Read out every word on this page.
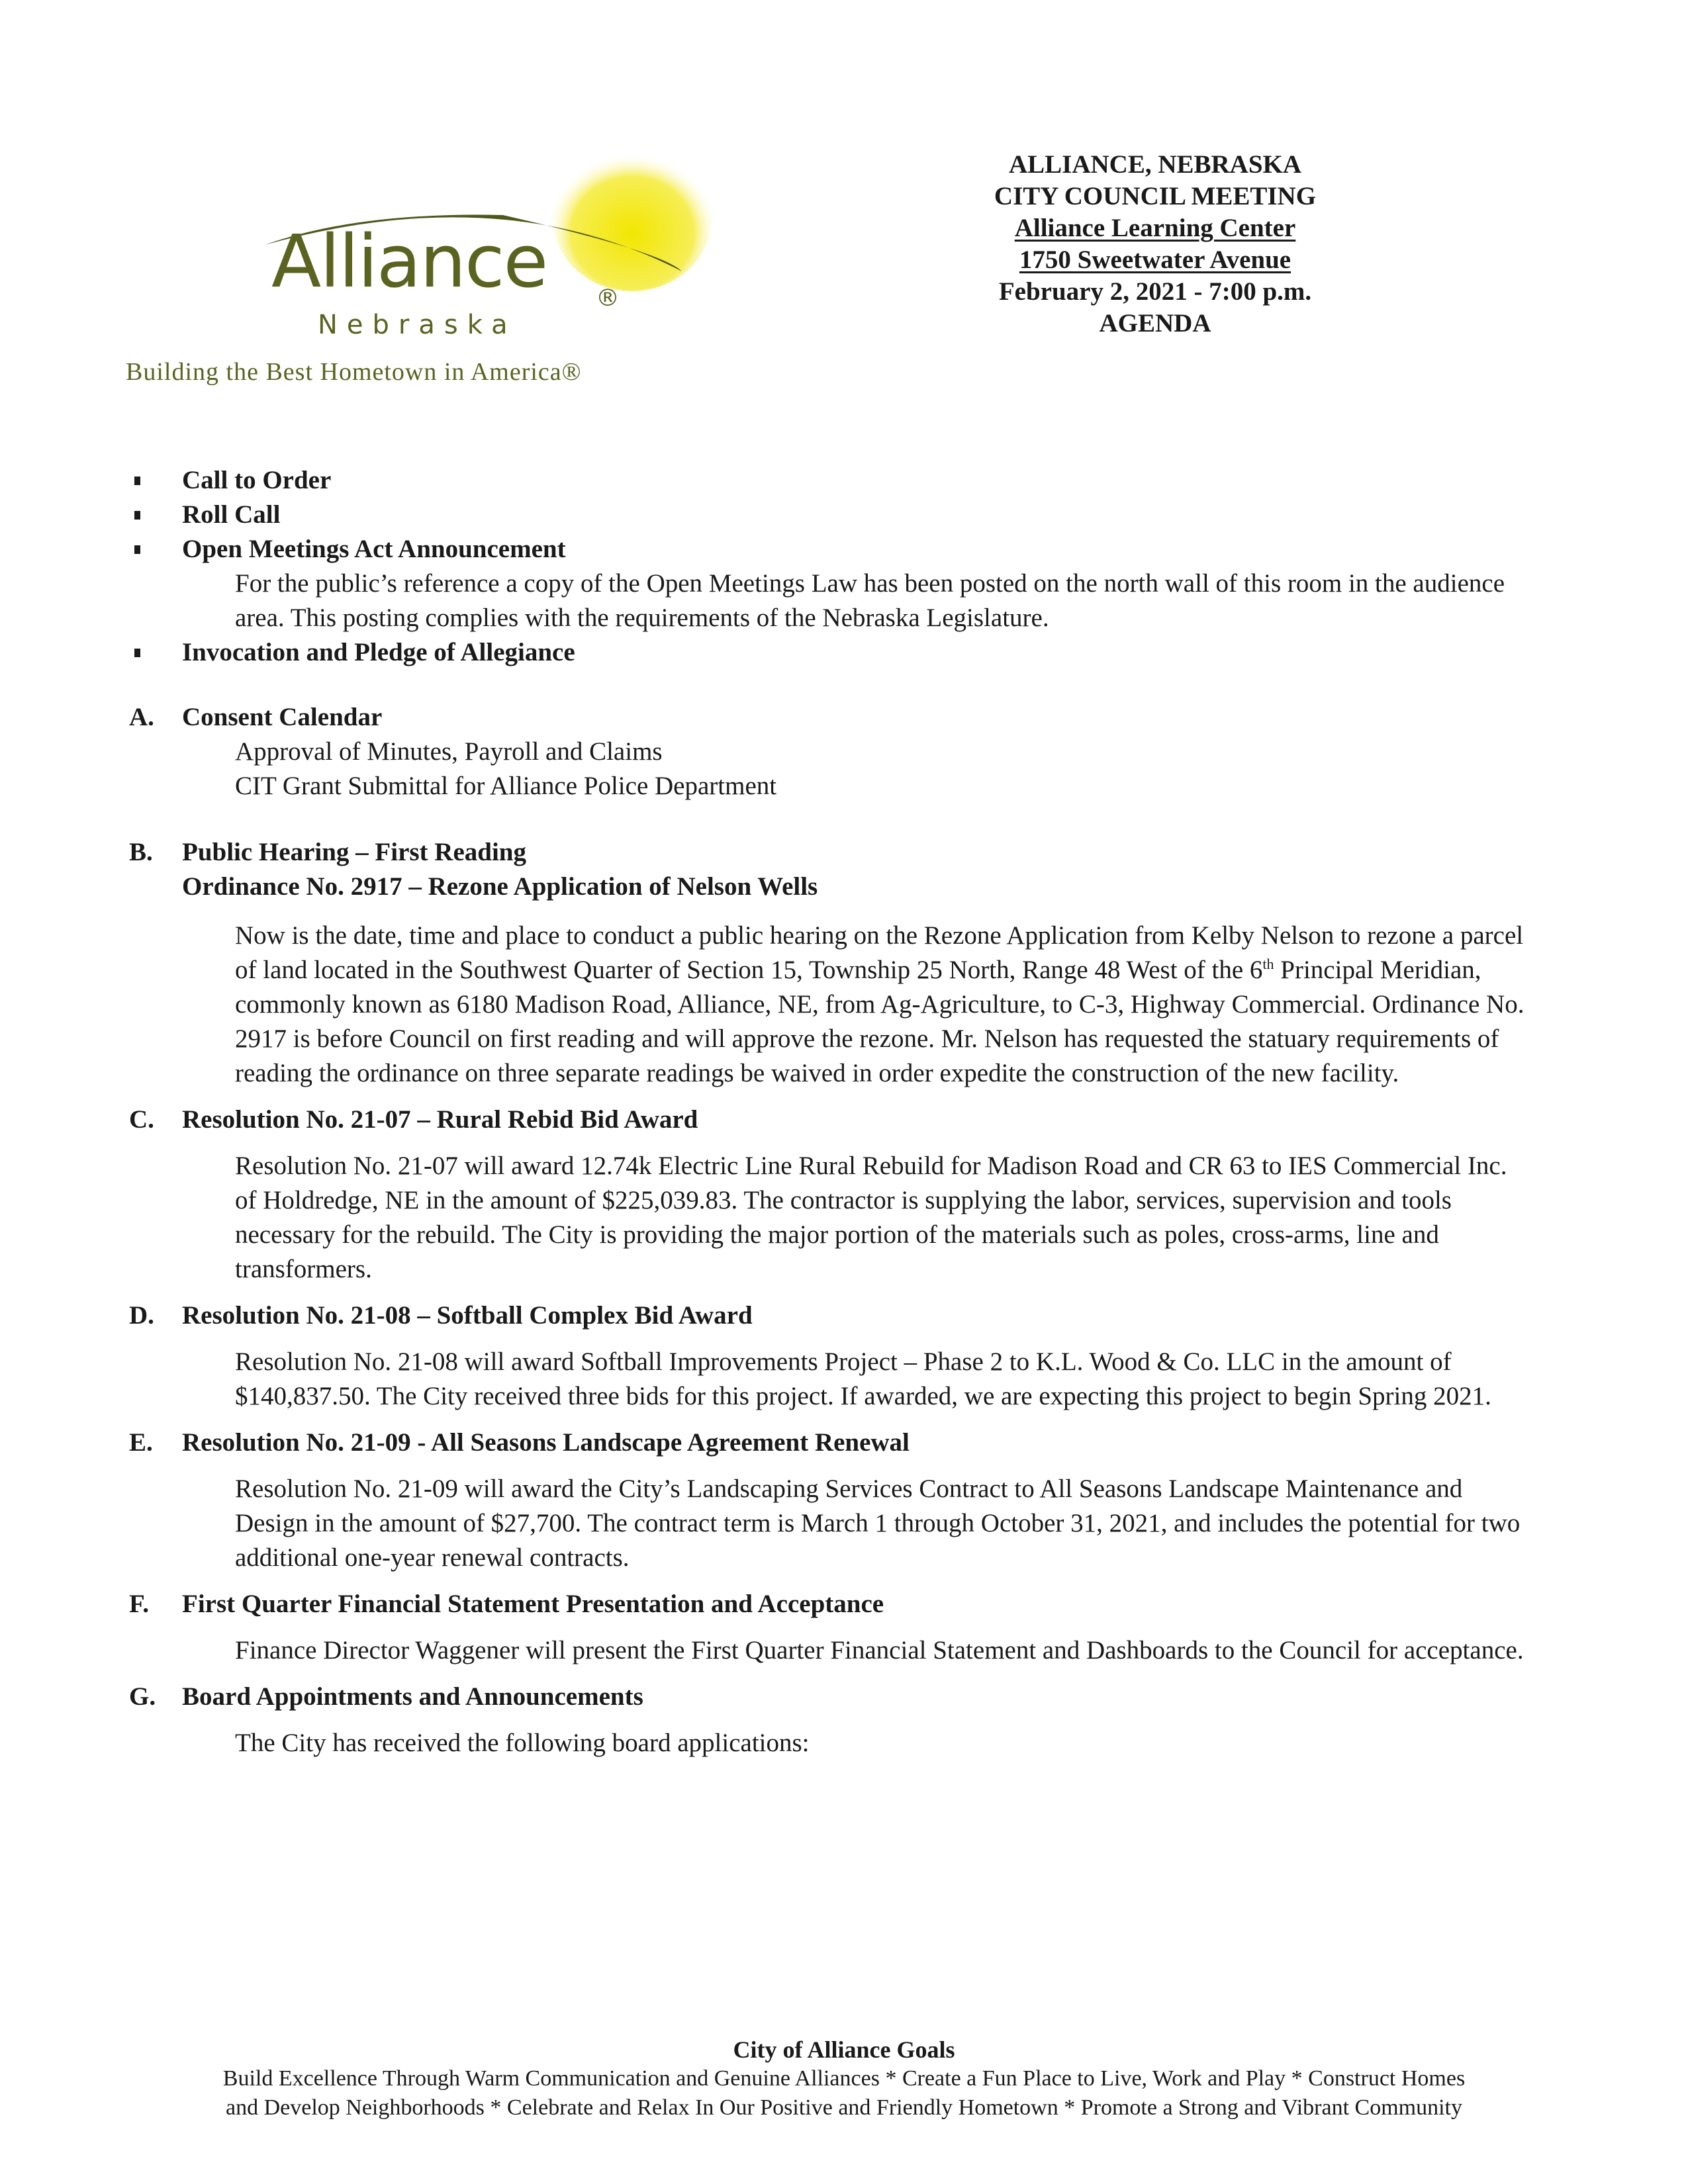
Alliance ®
Nebraska
Building the Best Hometown in America®
ALLIANCE, NEBRASKA
CITY COUNCIL MEETING
Alliance Learning Center
1750 Sweetwater Avenue
February 2, 2021 - 7:00 p.m.
AGENDA
Call to Order
Roll Call
Open Meetings Act Announcement
For the public’s reference a copy of the Open Meetings Law has been posted on the north wall of this room in the audience area. This posting complies with the requirements of the Nebraska Legislature.
Invocation and Pledge of Allegiance
A.	Consent Calendar
Approval of Minutes, Payroll and Claims
CIT Grant Submittal for Alliance Police Department
B.	Public Hearing – First Reading
Ordinance No. 2917 – Rezone Application of Nelson Wells
Now is the date, time and place to conduct a public hearing on the Rezone Application from Kelby Nelson to rezone a parcel of land located in the Southwest Quarter of Section 15, Township 25 North, Range 48 West of the 6th Principal Meridian, commonly known as 6180 Madison Road, Alliance, NE, from Ag-Agriculture, to C-3, Highway Commercial. Ordinance No. 2917 is before Council on first reading and will approve the rezone. Mr. Nelson has requested the statuary requirements of reading the ordinance on three separate readings be waived in order expedite the construction of the new facility.
C.	Resolution No. 21-07 – Rural Rebid Bid Award
Resolution No. 21-07 will award 12.74k Electric Line Rural Rebuild for Madison Road and CR 63 to IES Commercial Inc. of Holdredge, NE in the amount of $225,039.83. The contractor is supplying the labor, services, supervision and tools necessary for the rebuild. The City is providing the major portion of the materials such as poles, cross-arms, line and transformers.
D.	Resolution No. 21-08 – Softball Complex Bid Award
Resolution No. 21-08 will award Softball Improvements Project – Phase 2 to K.L. Wood & Co. LLC in the amount of $140,837.50. The City received three bids for this project. If awarded, we are expecting this project to begin Spring 2021.
E.	Resolution No. 21-09 - All Seasons Landscape Agreement Renewal
Resolution No. 21-09 will award the City’s Landscaping Services Contract to All Seasons Landscape Maintenance and Design in the amount of $27,700. The contract term is March 1 through October 31, 2021, and includes the potential for two additional one-year renewal contracts.
F.	First Quarter Financial Statement Presentation and Acceptance
Finance Director Waggener will present the First Quarter Financial Statement and Dashboards to the Council for acceptance.
G.	Board Appointments and Announcements
The City has received the following board applications:
City of Alliance Goals
Build Excellence Through Warm Communication and Genuine Alliances * Create a Fun Place to Live, Work and Play * Construct Homes
and Develop Neighborhoods * Celebrate and Relax In Our Positive and Friendly Hometown * Promote a Strong and Vibrant Community
